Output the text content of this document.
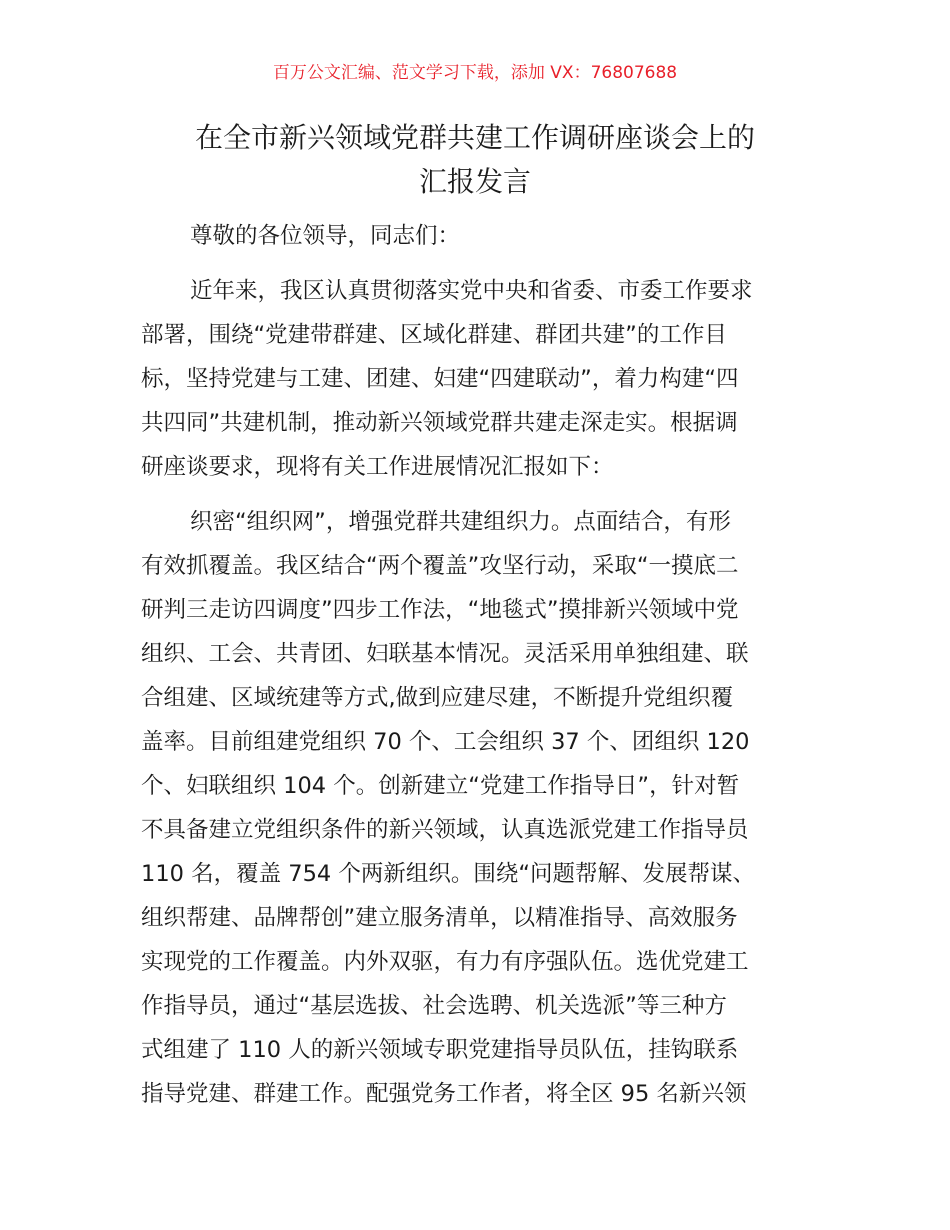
百万公文汇编、范文学习下载，添加 VX：76807688
在全市新兴领域党群共建工作调研座谈会上的
汇报发言
尊敬的各位领导，同志们：
近年来，我区认真贯彻落实党中央和省委、市委工作要求
部署，围绕“党建带群建、区域化群建、群团共建”的工作目
标，坚持党建与工建、团建、妇建“四建联动”，着力构建“四
共四同”共建机制，推动新兴领域党群共建走深走实。根据调
研座谈要求，现将有关工作进展情况汇报如下：
织密“组织网”，增强党群共建组织力。点面结合，有形
有效抓覆盖。我区结合“两个覆盖”攻坚行动，采取“一摸底二
研判三走访四调度”四步工作法，“地毯式”摸排新兴领域中党
组织、工会、共青团、妇联基本情况。灵活采用单独组建、联
合组建、区域统建等方式,做到应建尽建，不断提升党组织覆
盖率。目前组建党组织 70 个、工会组织 37 个、团组织 120
个、妇联组织 104 个。创新建立“党建工作指导日”，针对暂
不具备建立党组织条件的新兴领域，认真选派党建工作指导员
110 名，覆盖 754 个两新组织。围绕“问题帮解、发展帮谋、
组织帮建、品牌帮创”建立服务清单，以精准指导、高效服务
实现党的工作覆盖。内外双驱，有力有序强队伍。选优党建工
作指导员，通过“基层选拔、社会选聘、机关选派”等三种方
式组建了 110 人的新兴领域专职党建指导员队伍，挂钩联系
指导党建、群建工作。配强党务工作者，将全区 95 名新兴领
